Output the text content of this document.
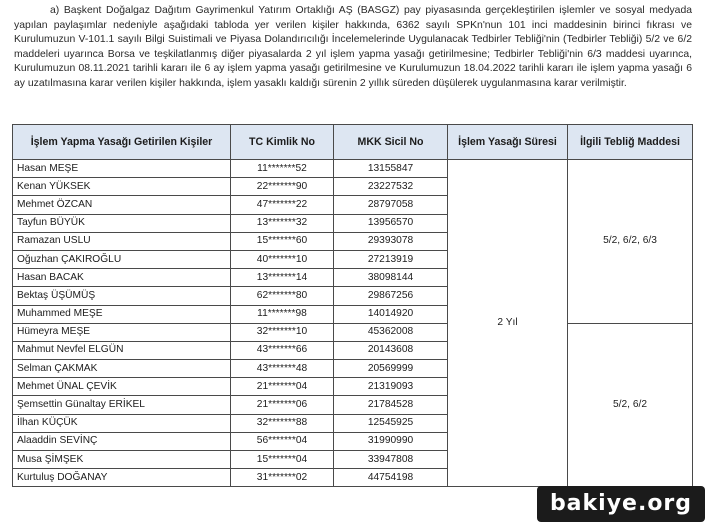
a) Başkent Doğalgaz Dağıtım Gayrimenkul Yatırım Ortaklığı AŞ (BASGZ) pay piyasasında gerçekleştirilen işlemler ve sosyal medyada yapılan paylaşımlar nedeniyle aşağıdaki tabloda yer verilen kişiler hakkında, 6362 sayılı SPKn'nun 101 inci maddesinin birinci fıkrası ve Kurulumuzun V-101.1 sayılı Bilgi Suistimali ve Piyasa Dolandırıcılığı İncelemelerinde Uygulanacak Tedbirler Tebliği'nin (Tedbirler Tebliği) 5/2 ve 6/2 maddeleri uyarınca Borsa ve teşkilatlanmış diğer piyasalarda 2 yıl işlem yapma yasağı getirilmesine; Tedbirler Tebliği'nin 6/3 maddesi uyarınca, Kurulumuzun 08.11.2021 tarihli kararı ile 6 ay işlem yapma yasağı getirilmesine ve Kurulumuzun 18.04.2022 tarihli kararı ile işlem yapma yasağı 6 ay uzatılmasına karar verilen kişiler hakkında, işlem yasaklı kaldığı sürenin 2 yıllık süreden düşülerek uygulanmasına karar verilmiştir.
İşlem Yapma Yasağı Getirilen Kişiler	TC Kimlik No	MKK Sicil No	İşlem Yasağı Süresi	İlgili Tebliğ Maddesi
Hasan MEŞE	11*******52	13155847	2 Yıl	5/2, 6/2, 6/3
Kenan YÜKSEK	22*******90	23227532		
Mehmet ÖZCAN	47*******22	28797058		
Tayfun BÜYÜK	13*******32	13956570		
Ramazan USLU	15*******60	29393078		
Oğuzhan ÇAKIROĞLU	40*******10	27213919		
Hasan BACAK	13*******14	38098144		
Bektaş ÜŞÜMÜŞ	62*******80	29867256		
Muhammed MEŞE	11*******98	14014920		
Hümeyra MEŞE	32*******10	45362008		5/2, 6/2
Mahmut Nevfel ELGÜN	43*******66	20143608		
Selman ÇAKMAK	43*******48	20569999		
Mehmet ÜNAL ÇEVİK	21*******04	21319093		
Şemsettin Günaltay ERİKEL	21*******06	21784528		
İlhan KÜÇÜK	32*******88	12545925		
Alaaddin SEVİNÇ	56*******04	31990990		
Musa ŞİMŞEK	15*******04	33947808		
Kurtuluş DOĞANAY	31*******02	44754198		
bakiye.org
